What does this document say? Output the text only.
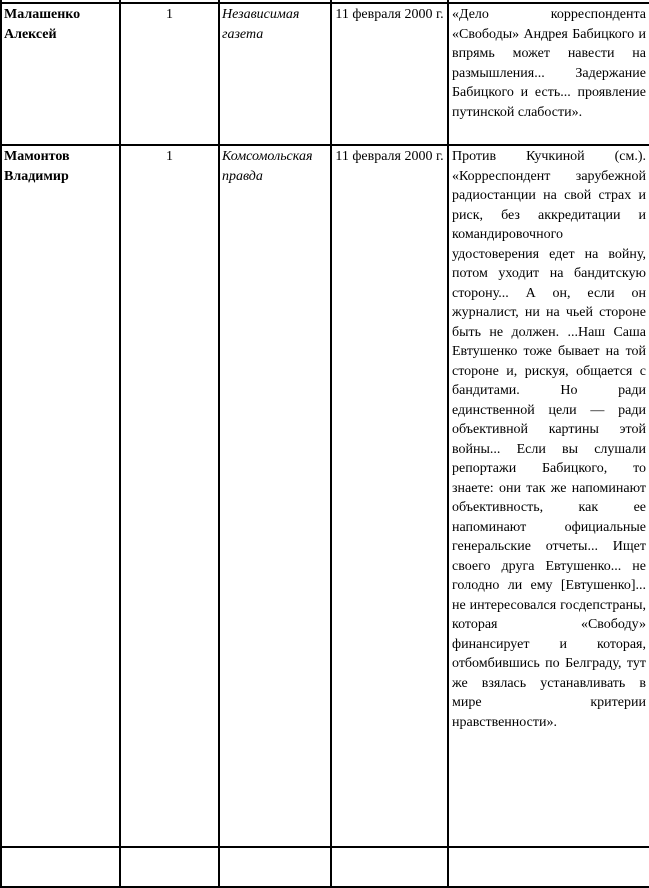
Малашенко Алексей	1	Независимая газета	11 февраля 2000 г.	«Дело корреспондента «Свободы» Андрея Бабицкого и впрямь может навести на размышления... Задержание Бабицкого и есть... проявление путинской слабости».
Мамонтов Владимир	1	Комсомольская правда	11 февраля 2000 г.	Против Кучкиной (см.). «Корреспондент зарубежной радиостанции на свой страх и риск, без аккредитации и командировочного удостоверения едет на войну, потом уходит на бандитскую сторону... А он, если он журналист, ни на чьей стороне быть не должен. ...Наш Саша Евтушенко тоже бывает на той стороне и, рискуя, общается с бандитами. Но ради единственной цели — ради объективной картины этой войны... Если вы слушали репортажи Бабицкого, то знаете: они так же напоминают объективность, как ее напоминают официальные генеральские отчеты... Ищет своего друга Евтушенко... не голодно ли ему [Евтушенко]... не интересовался госдепстраны, которая «Свободу» финансирует и которая, отбомбившись по Белграду, тут же взялась устанавливать в мире критерии нравственности».
